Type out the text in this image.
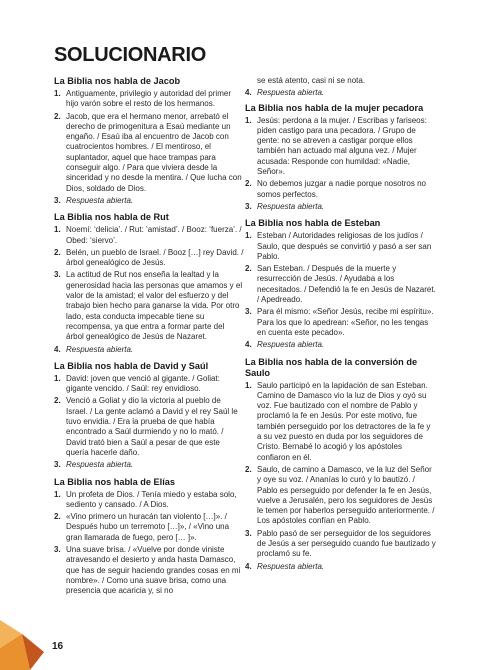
SOLUCIONARIO
La Biblia nos habla de Jacob
1. Antiguamente, privilegio y autoridad del primer hijo varón sobre el resto de los hermanos.
2. Jacob, que era el hermano menor, arrebató el derecho de primogenitura a Esaú mediante un engaño. / Esaú iba al encuentro de Jacob con cuatrocientos hombres. / El mentiroso, el suplantador, aquel que hace trampas para conseguir algo. / Para que viviera desde la sinceridad y no desde la mentira. / Que lucha con Dios, soldado de Dios.
3. Respuesta abierta.
La Biblia nos habla de Rut
1. Noemí: ‘delicia’. / Rut: ‘amistad’. / Booz: ‘fuerza’. / Obed: ‘siervo’.
2. Belén, un pueblo de Israel. / Booz […] rey David. / árbol genealógico de Jesús.
3. La actitud de Rut nos enseña la lealtad y la generosidad hacia las personas que amamos y el valor de la amistad; el valor del esfuerzo y del trabajo bien hecho para ganarse la vida. Por otro lado, esta conducta impecable tiene su recompensa, ya que entra a formar parte del árbol genealógico de Jesús de Nazaret.
4. Respuesta abierta.
La Biblia nos habla de David y Saúl
1. David: joven que venció al gigante. / Goliat: gigante vencido. / Saúl: rey envidioso.
2. Venció a Goliat y dio la victoria al pueblo de Israel. / La gente aclamó a David y el rey Saúl le tuvo envidia. / Era la prueba de que había encontrado a Saúl durmiendo y no lo mató. / David trató bien a Saúl a pesar de que este quería hacerle daño.
3. Respuesta abierta.
La Biblia nos habla de Elías
1. Un profeta de Dios. / Tenía miedo y estaba solo, sediento y cansado. / A Dios.
2. «Vino primero un huracán tan violento […]». / Después hubo un terremoto […]», / «Vino una gran llamarada de fuego, pero [… ]».
3. Una suave brisa. / «Vuelve por donde viniste atravesando el desierto y anda hasta Damasco, que has de seguir haciendo grandes cosas en mi nombre». / Como una suave brisa, como una presencia que acaricia y, si no
se está atento, casi ni se nota.
4. Respuesta abierta.
La Biblia nos habla de la mujer pecadora
1. Jesús: perdona a la mujer. / Escribas y fariseos: piden castigo para una pecadora. / Grupo de gente: no se atreven a castigar porque ellos también han actuado mal alguna vez. / Mujer acusada: Responde con humildad: «Nadie, Señor».
2. No debemos juzgar a nadie porque nosotros no somos perfectos.
3. Respuesta abierta.
La Biblia nos habla de Esteban
1. Esteban / Autoridades religiosas de los judíos / Saulo, que después se convirtió y pasó a ser san Pablo.
2. San Esteban. / Después de la muerte y resurrección de Jesús. / Ayudaba a los necesitados. / Defendió la fe en Jesús de Nazaret. / Apedreado.
3. Para él mismo: «Señor Jesús, recibe mi espíritu». Para los que lo apedrean: «Señor, no les tengas en cuenta este pecado».
4. Respuesta abierta.
La Biblia nos habla de la conversión de Saulo
1. Saulo participó en la lapidación de san Esteban. Camino de Damasco vio la luz de Dios y oyó su voz. Fue bautizado con el nombre de Pablo y proclamó la fe en Jesús. Por este motivo, fue también perseguido por los detractores de la fe y a su vez puesto en duda por los seguidores de Cristo. Bernabé lo acogió y los apóstoles confiaron en él.
2. Saulo, de camino a Damasco, ve la luz del Señor y oye su voz. / Ananías lo curó y lo bautizó. / Pablo es perseguido por defender la fe en Jesús, vuelve a Jerusalén, pero los seguidores de Jesús le temen por haberlos perseguido anteriormente. / Los apóstoles confían en Pablo.
3. Pablo pasó de ser perseguidor de los seguidores de Jesús a ser perseguido cuando fue bautizado y proclamó su fe.
4. Respuesta abierta.
16
